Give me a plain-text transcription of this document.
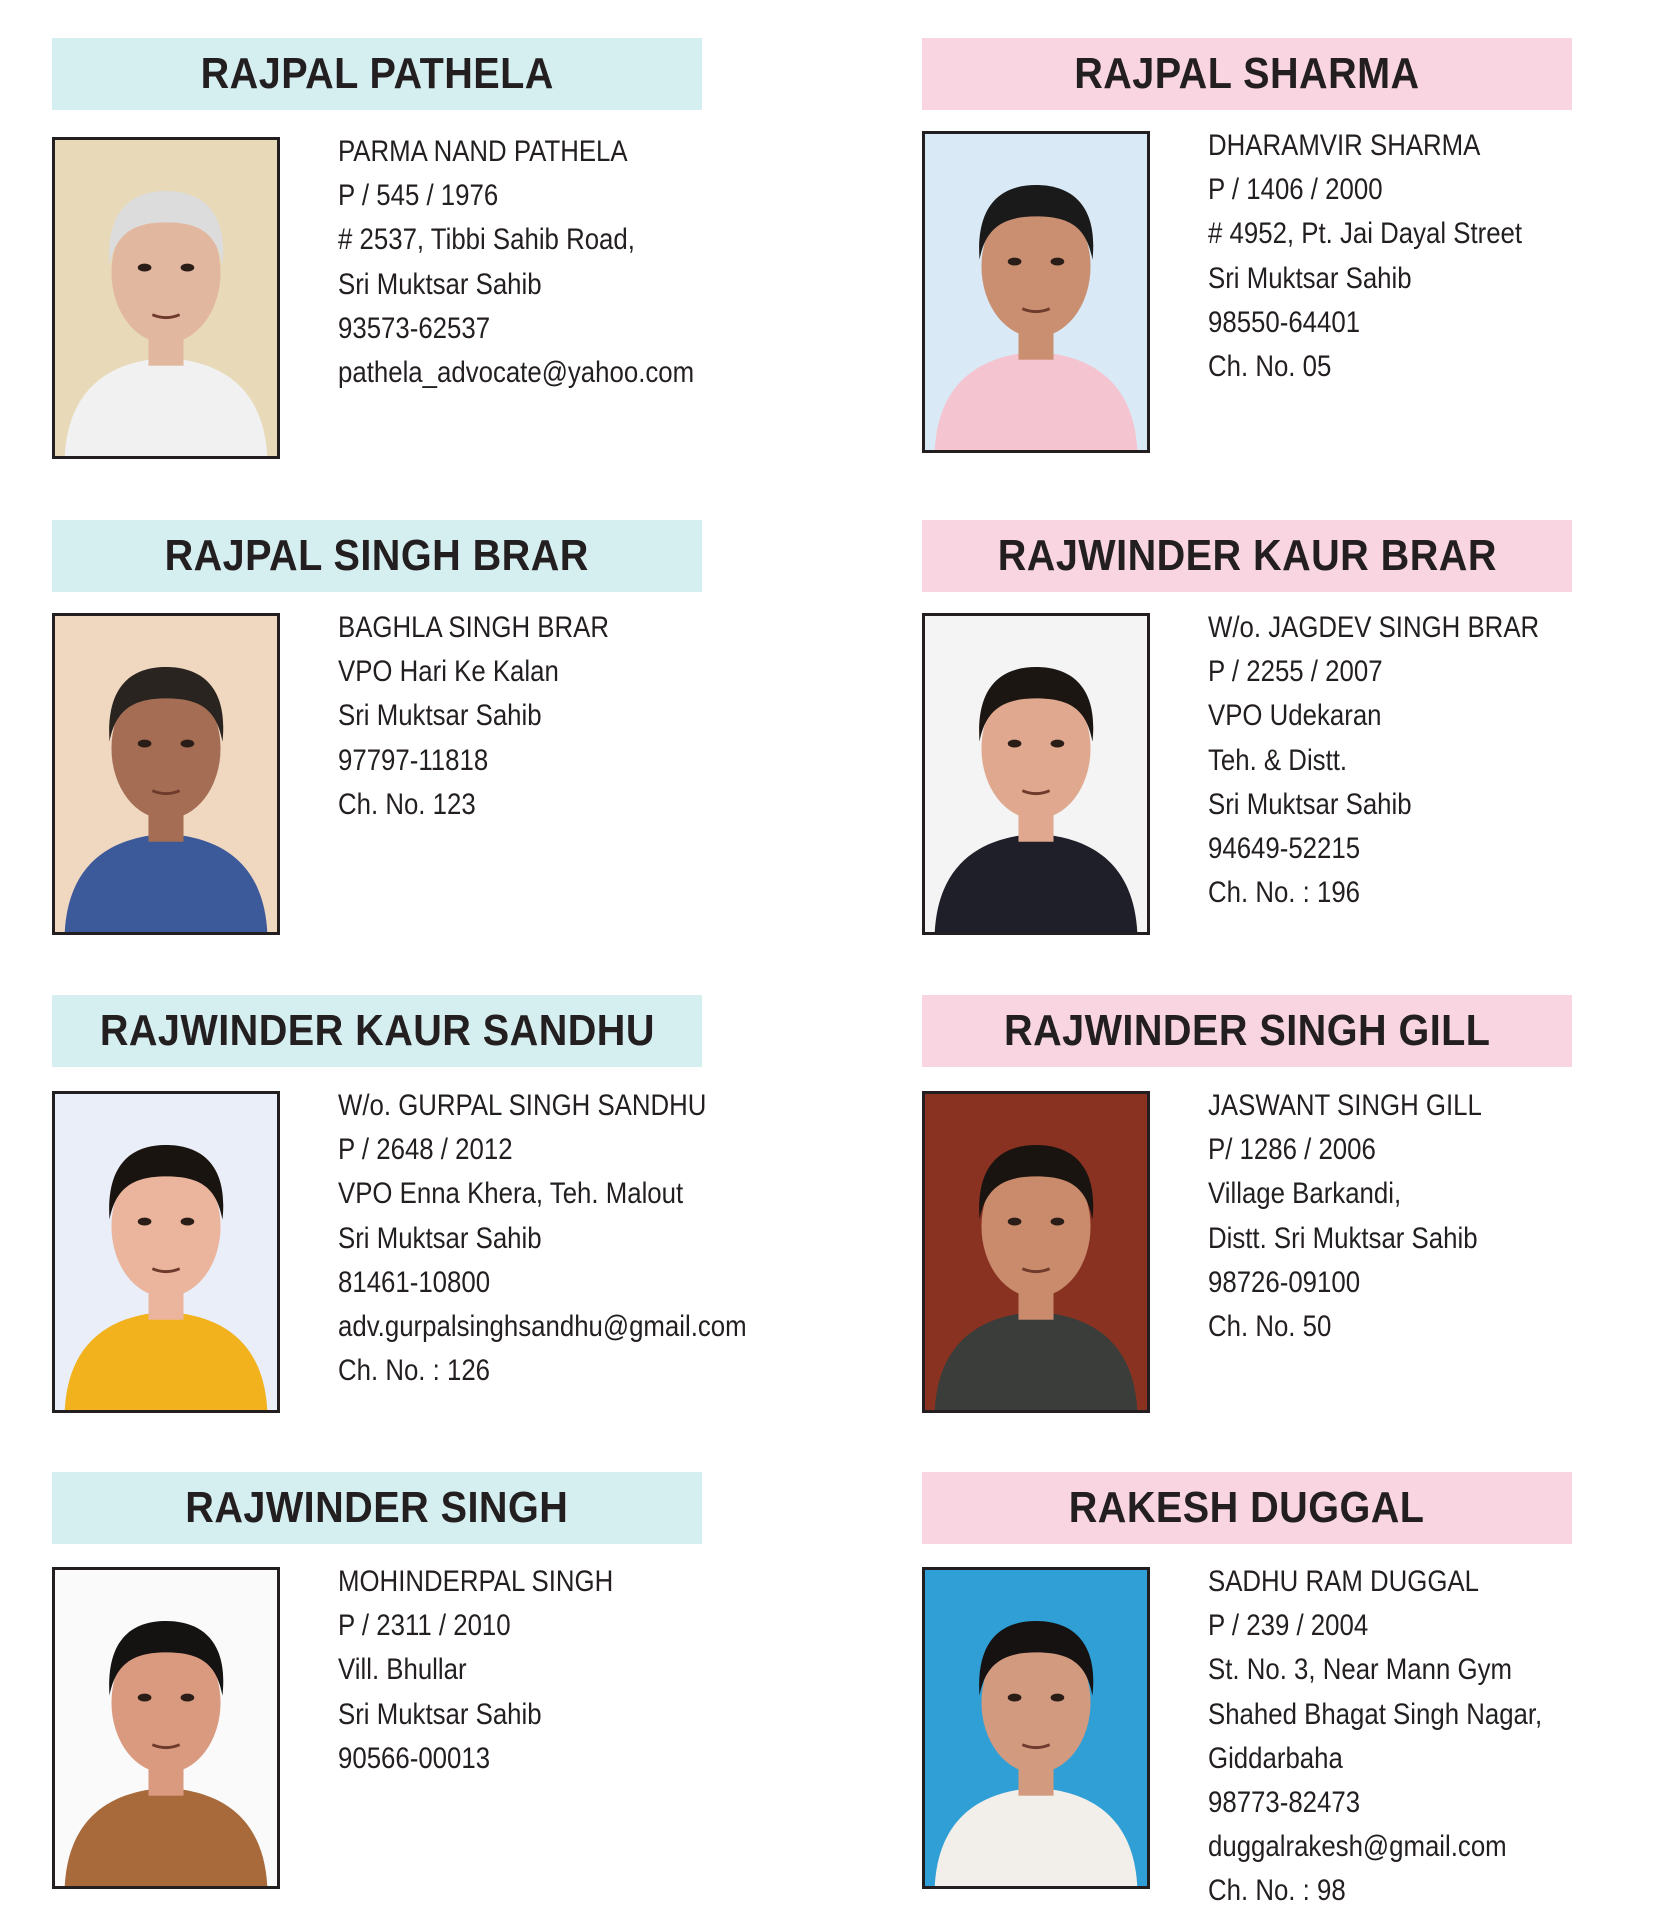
RAJPAL PATHELA
PARMA NAND PATHELA
P / 545 / 1976
# 2537, Tibbi Sahib Road,
Sri Muktsar Sahib
93573-62537
pathela_advocate@yahoo.com
RAJPAL SHARMA
DHARAMVIR SHARMA
P / 1406 / 2000
# 4952, Pt. Jai Dayal Street
Sri Muktsar Sahib
98550-64401
Ch. No. 05
RAJPAL SINGH BRAR
BAGHLA SINGH BRAR
VPO Hari Ke Kalan
Sri Muktsar Sahib
97797-11818
Ch. No. 123
RAJWINDER KAUR BRAR
W/o. JAGDEV SINGH BRAR
P / 2255 / 2007
VPO Udekaran
Teh. & Distt.
Sri Muktsar Sahib
94649-52215
Ch. No. : 196
RAJWINDER KAUR SANDHU
W/o. GURPAL SINGH SANDHU
P / 2648 / 2012
VPO Enna Khera, Teh. Malout
Sri Muktsar Sahib
81461-10800
adv.gurpalsinghsandhu@gmail.com
Ch. No. : 126
RAJWINDER SINGH GILL
JASWANT SINGH GILL
P/ 1286 / 2006
Village Barkandi,
Distt. Sri Muktsar Sahib
98726-09100
Ch. No. 50
RAJWINDER SINGH
MOHINDERPAL SINGH
P / 2311 / 2010
Vill. Bhullar
Sri Muktsar Sahib
90566-00013
RAKESH DUGGAL
SADHU RAM DUGGAL
P / 239 / 2004
St. No. 3, Near Mann Gym
Shahed Bhagat Singh Nagar,
Giddarbaha
98773-82473
duggalrakesh@gmail.com
Ch. No. : 98
